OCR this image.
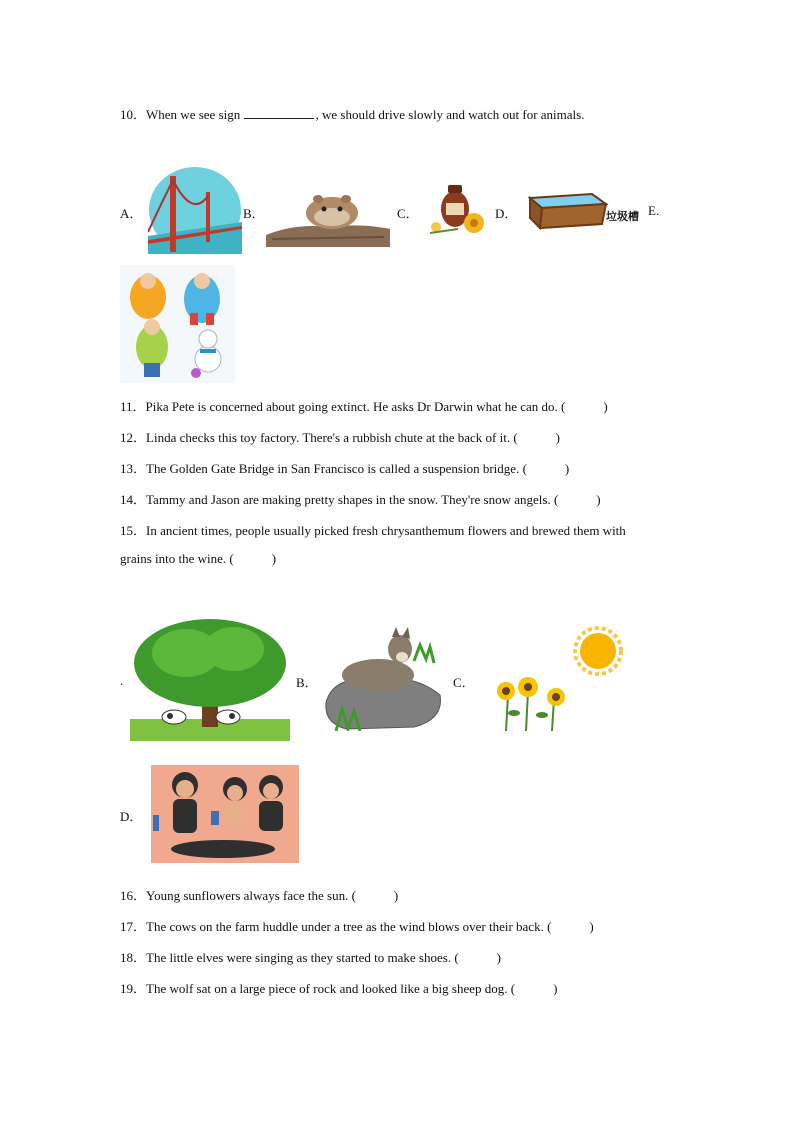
10．When we see sign	, we should drive slowly and watch out for animals.
A．	B．	C．	D．	垃圾槽 E.
11．Pika Pete is concerned about going extinct. He asks Dr Darwin what he can do. (	)
12．Linda checks this toy factory. There's a rubbish chute at the back of it. (	)
13．The Golden Gate Bridge in San Francisco is called a suspension bridge. (	)
14．Tammy and Jason are making pretty shapes in the snow. They're snow angels. (	)
15．In ancient times, people usually picked fresh chrysanthemum flowers and brewed them with
grains into the wine. (	)
.	B．	C．
D．
16．Young sunflowers always face the sun. (	)
17．The cows on the farm huddle under a tree as the wind blows over their back. (	)
18．The little elves were singing as they started to make shoes. (	)
19．The wolf sat on a large piece of rock and looked like a big sheep dog. (	)
